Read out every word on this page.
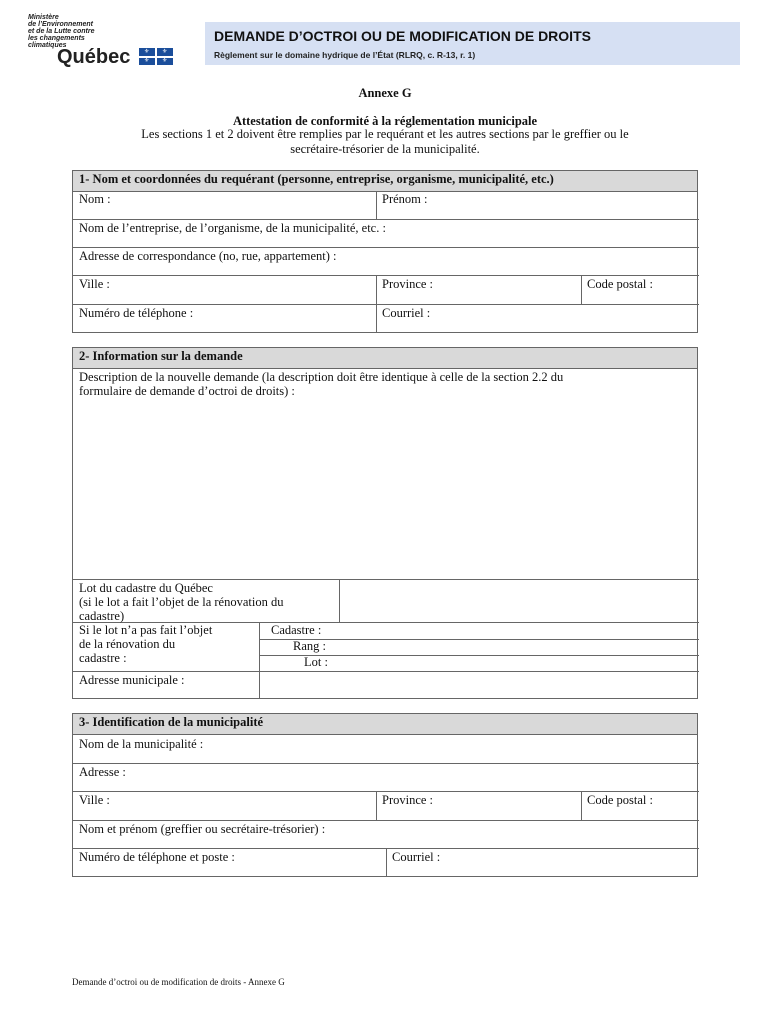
Ministère
de l’Environnement
et de la Lutte contre
les changements
climatiques
Québec ⚜ ⚜
⚜ ⚜
DEMANDE D’OCTROI OU DE MODIFICATION DE DROITS
Règlement sur le domaine hydrique de l’État (RLRQ, c. R-13, r. 1)
Annexe G
Attestation de conformité à la réglementation municipale
Les sections 1 et 2 doivent être remplies par le requérant et les autres sections par le greffier ou le
secrétaire-trésorier de la municipalité.
1- Nom et coordonnées du requérant (personne, entreprise, organisme, municipalité, etc.)
Nom :	Prénom :
Nom de l’entreprise, de l’organisme, de la municipalité, etc. :
Adresse de correspondance (no, rue, appartement) :
Ville :	Province :	Code postal :
Numéro de téléphone :	Courriel :
2- Information sur la demande
Description de la nouvelle demande (la description doit être identique à celle de la section 2.2 du
formulaire de demande d’octroi de droits) :
Lot du cadastre du Québec
(si le lot a fait l’objet de la rénovation du
cadastre)
Si le lot n’a pas fait l’objet
de la rénovation du
cadastre :
Cadastre :
Rang :
Lot :
Adresse municipale :
3- Identification de la municipalité
Nom de la municipalité :
Adresse :
Ville :	Province :	Code postal :
Nom et prénom (greffier ou secrétaire-trésorier) :
Numéro de téléphone et poste :	Courriel :
Demande d’octroi ou de modification de droits - Annexe G
